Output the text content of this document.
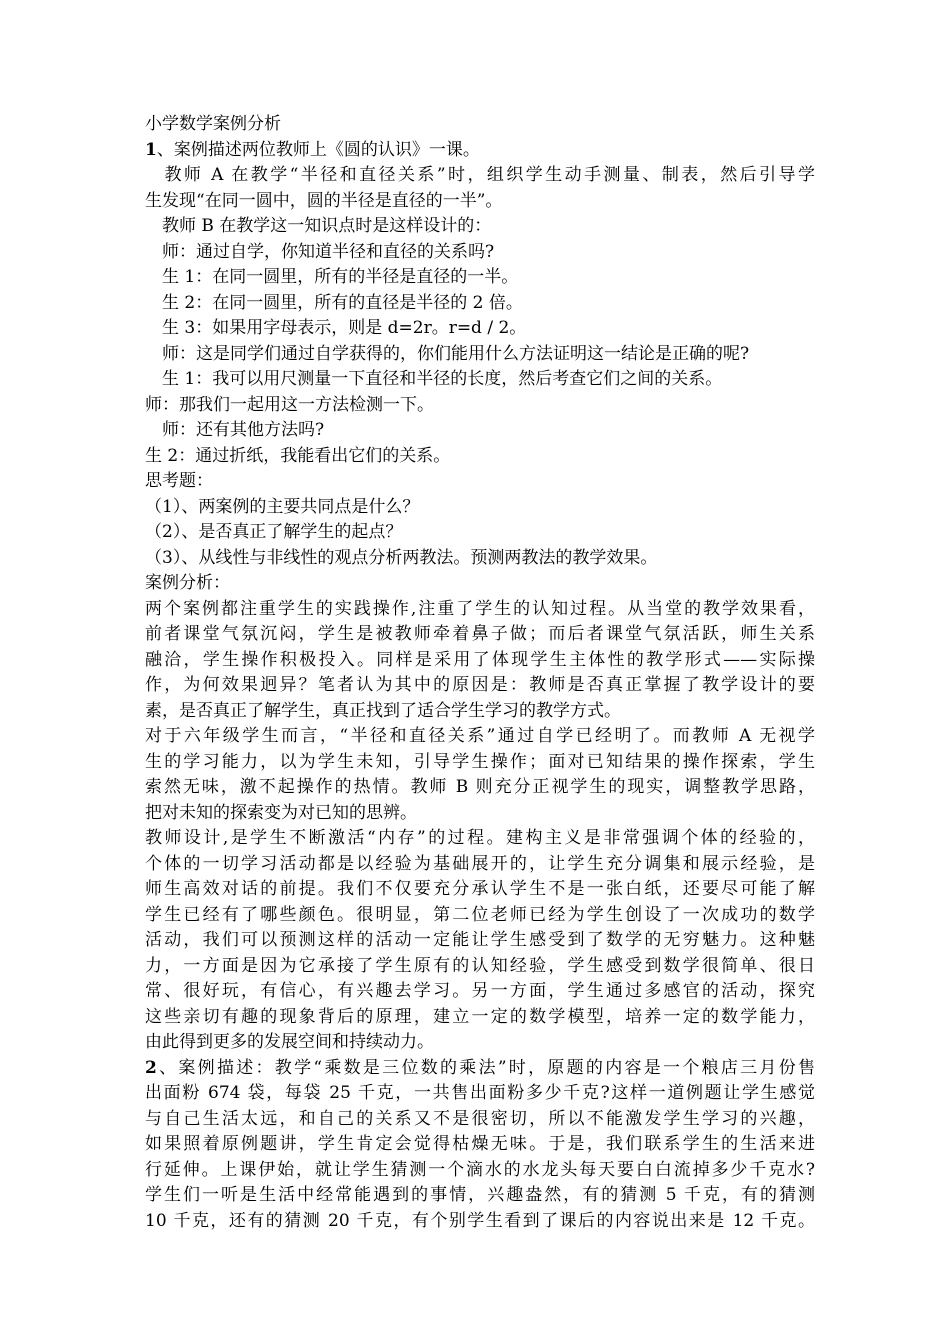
小学数学案例分析
1、案例描述两位教师上《圆的认识》一课。
　教师 A 在教学“半径和直径关系”时，组织学生动手测量、制表，然后引导学
生发现“在同一圆中，圆的半径是直径的一半”。
　教师 B 在教学这一知识点时是这样设计的：
　师：通过自学，你知道半径和直径的关系吗?
　生 1：在同一圆里，所有的半径是直径的一半。
　生 2：在同一圆里，所有的直径是半径的 2 倍。
　生 3：如果用字母表示，则是 d=2r。r=d / 2。
　师：这是同学们通过自学获得的，你们能用什么方法证明这一结论是正确的呢?
　生 1：我可以用尺测量一下直径和半径的长度，然后考查它们之间的关系。
师：那我们一起用这一方法检测一下。
　师：还有其他方法吗?
生 2：通过折纸，我能看出它们的关系。
思考题：
（1）、两案例的主要共同点是什么？
（2）、是否真正了解学生的起点？
（3）、从线性与非线性的观点分析两教法。预测两教法的教学效果。
案例分析：
两个案例都注重学生的实践操作,注重了学生的认知过程。从当堂的教学效果看，
前者课堂气氛沉闷，学生是被教师牵着鼻子做；而后者课堂气氛活跃，师生关系
融洽，学生操作积极投入。同样是采用了体现学生主体性的教学形式——实际操
作，为何效果迥异？笔者认为其中的原因是：教师是否真正掌握了教学设计的要
素，是否真正了解学生，真正找到了适合学生学习的教学方式。
对于六年级学生而言，“半径和直径关系”通过自学已经明了。而教师 A 无视学
生的学习能力，以为学生未知，引导学生操作；面对已知结果的操作探索，学生
索然无味，激不起操作的热情。教师 B 则充分正视学生的现实，调整教学思路，
把对未知的探索变为对已知的思辨。
教师设计,是学生不断激活“内存”的过程。建构主义是非常强调个体的经验的，
个体的一切学习活动都是以经验为基础展开的，让学生充分调集和展示经验，是
师生高效对话的前提。我们不仅要充分承认学生不是一张白纸，还要尽可能了解
学生已经有了哪些颜色。很明显，第二位老师已经为学生创设了一次成功的数学
活动，我们可以预测这样的活动一定能让学生感受到了数学的无穷魅力。这种魅
力，一方面是因为它承接了学生原有的认知经验，学生感受到数学很简单、很日
常、很好玩，有信心，有兴趣去学习。另一方面，学生通过多感官的活动，探究
这些亲切有趣的现象背后的原理，建立一定的数学模型，培养一定的数学能力，
由此得到更多的发展空间和持续动力。
2、案例描述：教学“乘数是三位数的乘法”时，原题的内容是一个粮店三月份售
出面粉 674 袋，每袋 25 千克，一共售出面粉多少千克?这样一道例题让学生感觉
与自己生活太远，和自己的关系又不是很密切，所以不能激发学生学习的兴趣，
如果照着原例题讲，学生肯定会觉得枯燥无味。于是，我们联系学生的生活来进
行延伸。上课伊始，就让学生猜测一个滴水的水龙头每天要白白流掉多少千克水?
学生们一听是生活中经常能遇到的事情，兴趣盎然，有的猜测 5 千克，有的猜测
10 千克，还有的猜测 20 千克，有个别学生看到了课后的内容说出来是 12 千克。
